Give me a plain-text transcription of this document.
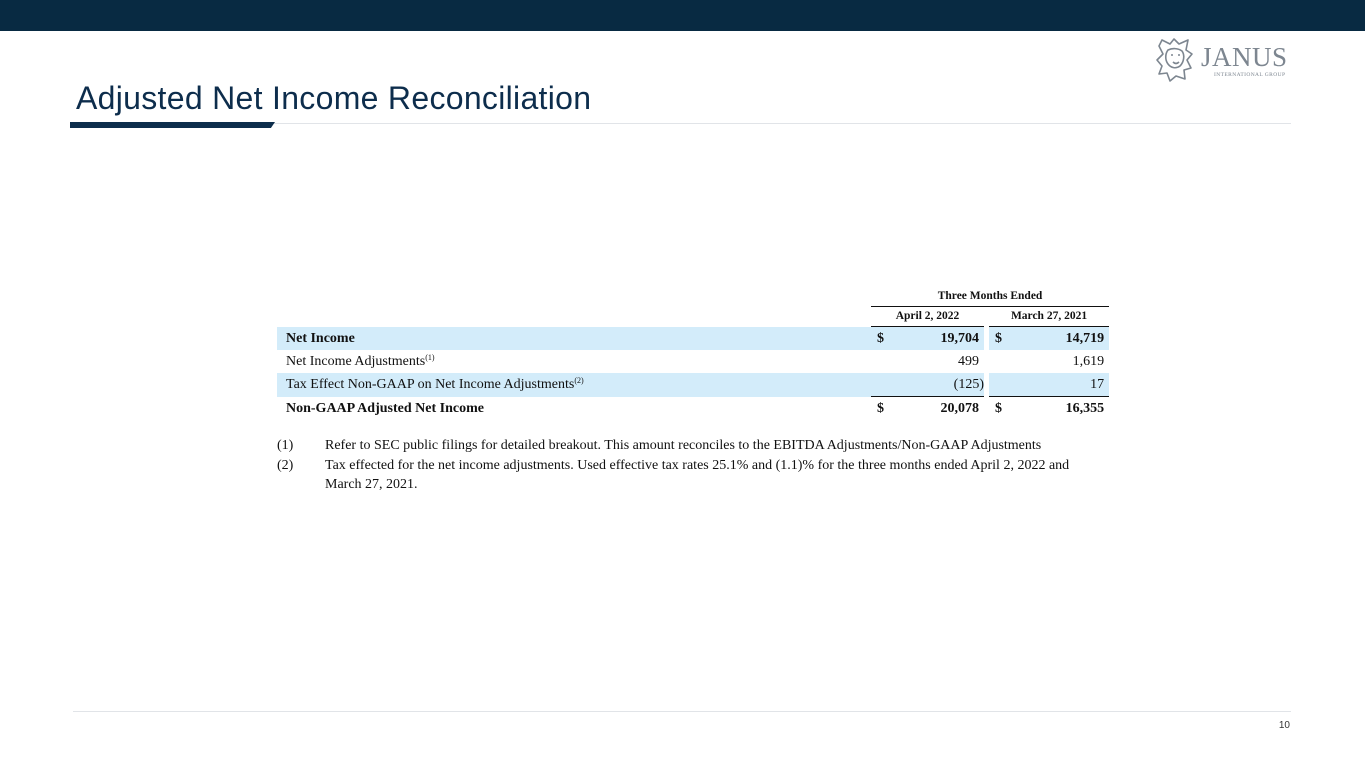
JANUS
INTERNATIONAL GROUP
Adjusted Net Income Reconciliation
	Three Months Ended				
	April 2, 2022			March 27, 2021	
Net Income	$	19,704		$	14,719
Net Income Adjustments$^{(1)}$		499			1,619
Tax Effect Non-GAAP on Net Income Adjustments$^{(2)}$		(125)			17
Non-GAAP Adjusted Net Income	$	20,078		$	16,355
(1)	Refer to SEC public filings for detailed breakout. This amount reconciles to the EBITDA Adjustments/Non-GAAP Adjustments
(2)	Tax effected for the net income adjustments. Used effective tax rates 25.1% and (1.1)% for the three months ended April 2, 2022 and March 27, 2021.
10
